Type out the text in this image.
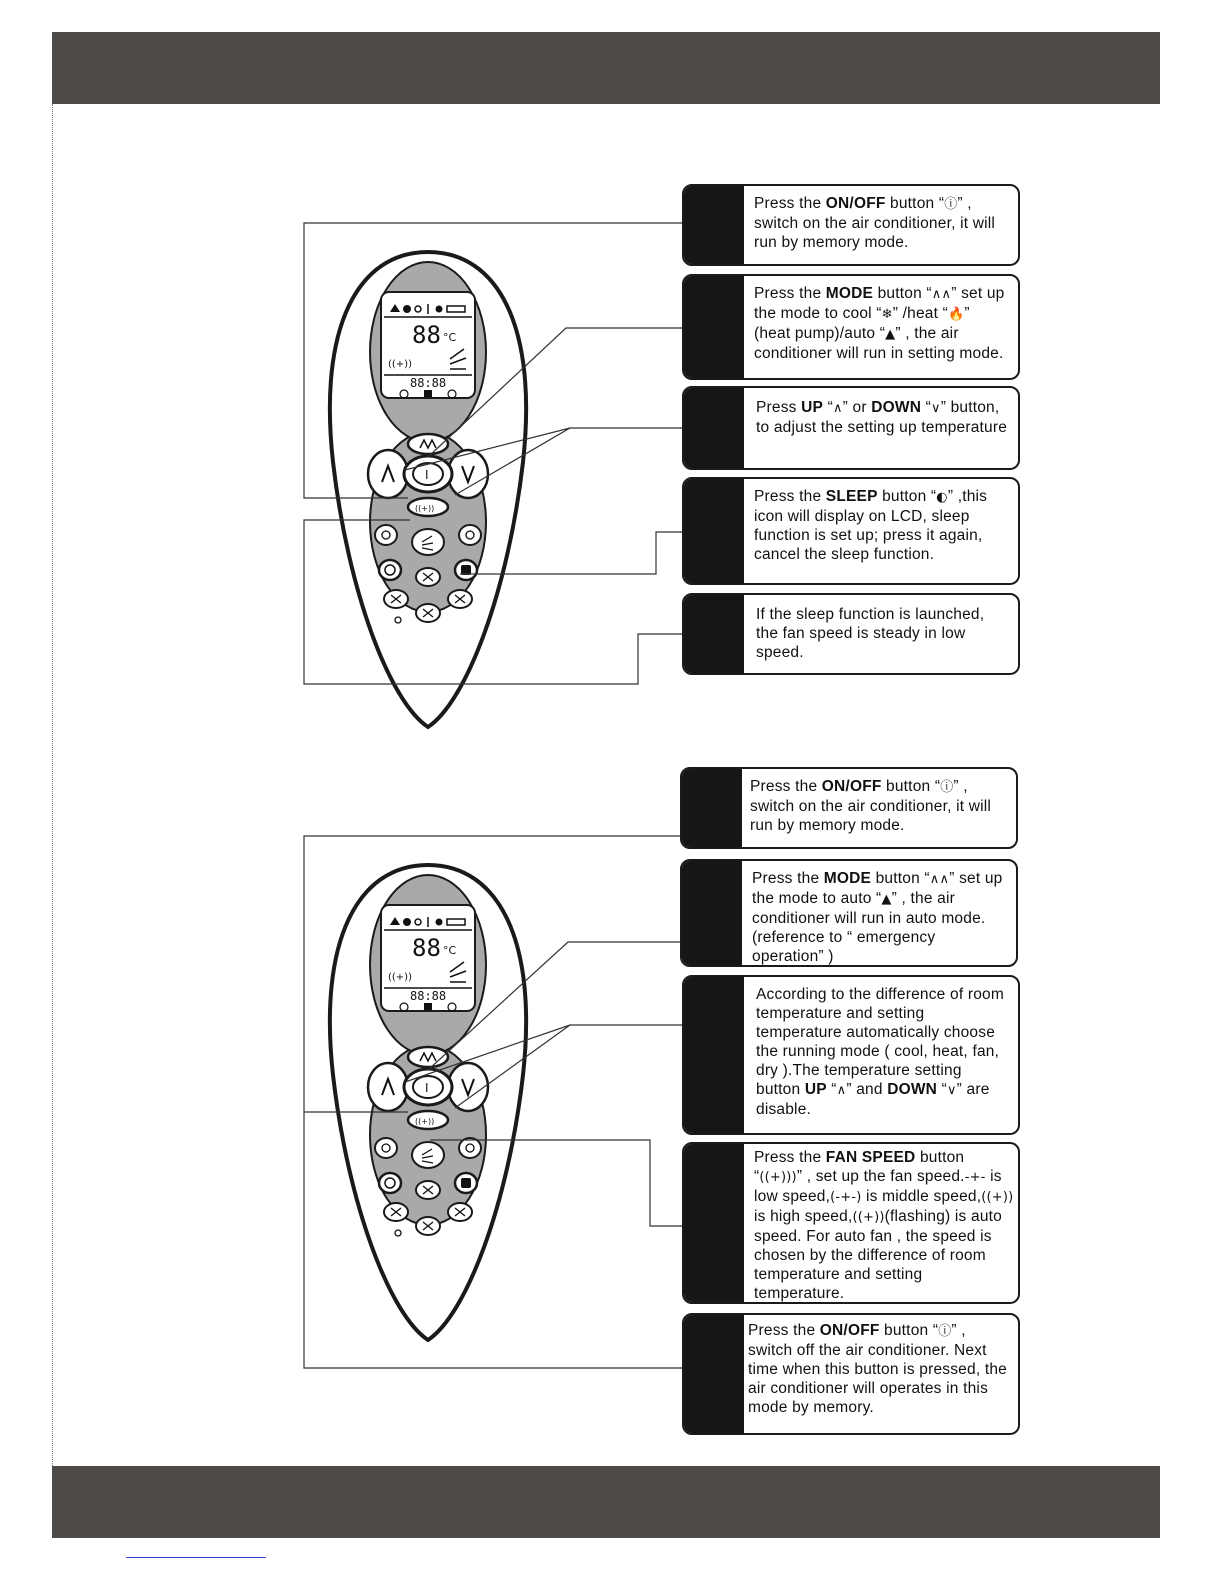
Press the ON/OFF button “ⓘ” , switch on the air conditioner, it will run by memory mode.
Press the MODE button “∧∧” set up the mode to cool “❄” /heat “🔥” (heat pump)/auto “▲” , the air conditioner will run in setting mode.
Press UP “∧” or DOWN “∨” button, to adjust the setting up temperature
Press the SLEEP button “◐” ,this icon will display on LCD, sleep function is set up; press it again, cancel the sleep function.
If the sleep function is launched, the fan speed is steady in low speed.
Press the ON/OFF button “ⓘ” , switch on the air conditioner, it will run by memory mode.
Press the MODE button “∧∧” set up the mode to auto “▲” , the air conditioner will run in auto mode.(reference to “ emergency operation” )
According to the difference of room temperature and setting temperature automatically choose the running mode ( cool, heat, fan, dry ).The temperature setting button UP “∧” and DOWN “∨” are disable.
Press the FAN SPEED button “((+)))” , set up the fan speed.-+- is low speed,(-+-) is middle speed,((+)) is high speed,((+))(flashing) is auto speed. For auto fan , the speed is chosen by the difference of room temperature and setting temperature.
Press the ON/OFF button “ⓘ” , switch off the air conditioner. Next time when this button is pressed, the air conditioner will operates in this mode by memory.
